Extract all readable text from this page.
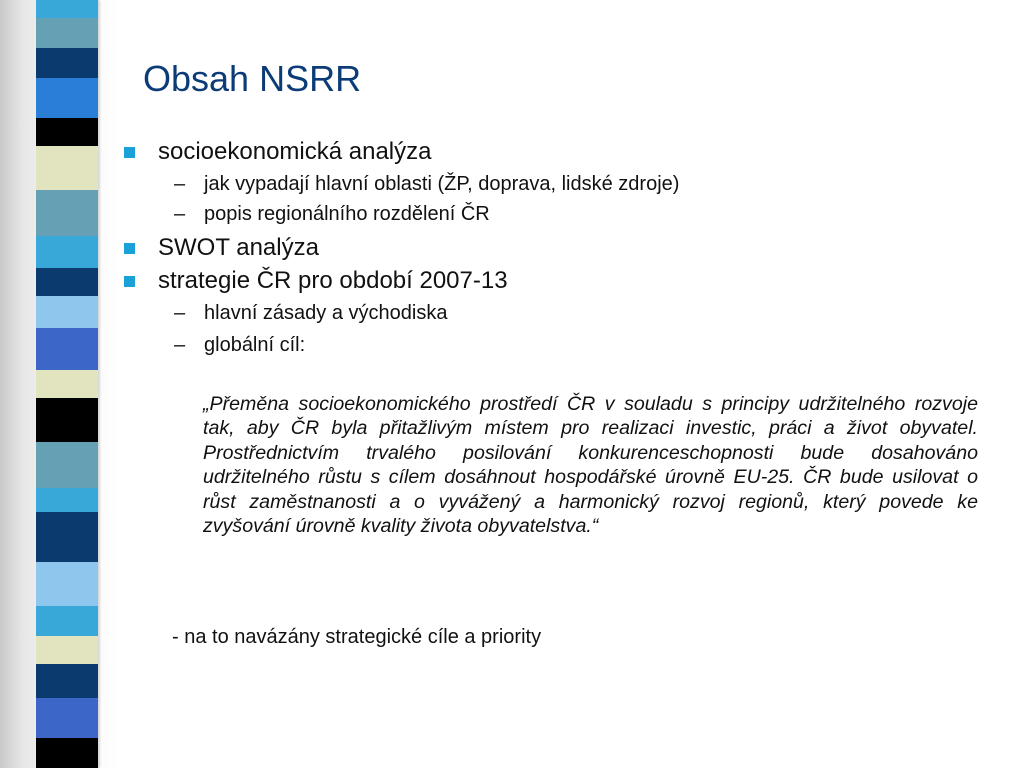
Obsah NSRR
socioekonomická analýza
– jak vypadají hlavní oblasti (ŽP, doprava, lidské zdroje)
– popis regionálního rozdělení ČR
SWOT analýza
strategie ČR pro období 2007-13
– hlavní zásady a východiska
– globální cíl:
„Přeměna socioekonomického prostředí ČR v souladu s principy udržitelného rozvoje tak, aby ČR byla přitažlivým místem pro realizaci investic, práci a život obyvatel. Prostřednictvím trvalého posilování konkurenceschopnosti bude dosahováno udržitelného růstu s cílem dosáhnout hospodářské úrovně EU-25. ČR bude usilovat o růst zaměstnanosti a o vyvážený a harmonický rozvoj regionů, který povede ke zvyšování úrovně kvality života obyvatelstva.“
- na to navázány strategické cíle a priority
